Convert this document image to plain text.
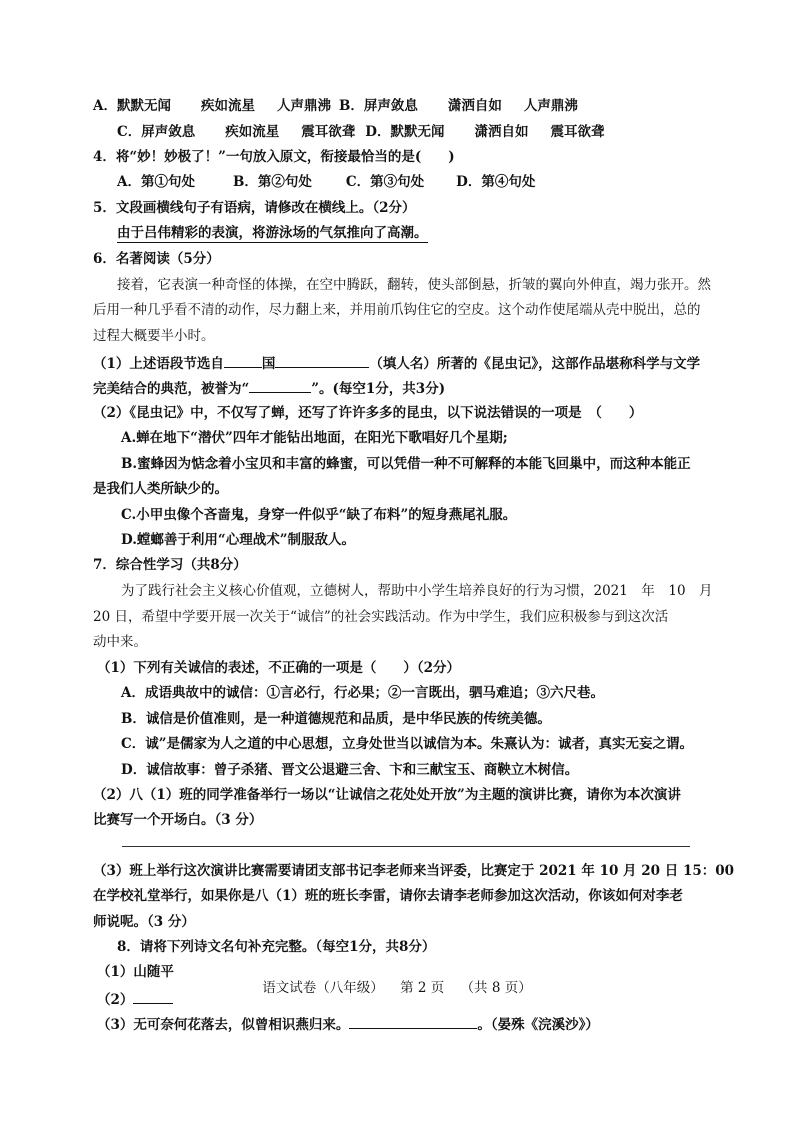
A．默默无闻 疾如流星 人声鼎沸 B．屏声敛息 潇洒自如 人声鼎沸
C．屏声敛息 疾如流星 震耳欲聋 D．默默无闻 潇洒自如 震耳欲聋
4．将“妙！妙极了！”一句放入原文，衔接最恰当的是(　　)
A．第①句处	B．第②句处	C．第③句处 D．第④句处
5．文段画横线句子有语病，请修改在横线上。（2分）
由于吕伟精彩的表演，将游泳场的气氛推向了高潮。
6．名著阅读（5分）
接着，它表演一种奇怪的体操，在空中腾跃，翻转，使头部倒悬，折皱的翼向外伸直，竭力张开。然
后用一种几乎看不清的动作，尽力翻上来，并用前爪钩住它的空皮。这个动作使尾端从壳中脱出，总的
过程大概要半小时。
（1）上述语段节选自	国	（填人名）所著的《昆虫记》，这部作品堪称科学与文学
完美结合的典范，被誉为“	”。(每空1分，共3分)
（2）《昆虫记》中，不仅写了蝉，还写了许许多多的昆虫，以下说法错误的一项是　（　　）
A.蝉在地下“潜伏”四年才能钻出地面，在阳光下歌唱好几个星期;
B.蜜蜂因为惦念着小宝贝和丰富的蜂蜜，可以凭借一种不可解释的本能飞回巢中，而这种本能正
是我们人类所缺少的。
C.小甲虫像个吝啬鬼，身穿一件似乎“缺了布料”的短身燕尾礼服。
D.螳螂善于利用“心理战术”制服敌人。
7．综合性学习（共8分）
为了践行社会主义核心价值观，立德树人，帮助中小学生培养良好的行为习惯，2021　年　10　月
20 日，希望中学要开展一次关于“诚信”的社会实践活动。作为中学生，我们应积极参与到这次活
动中来。
（1）下列有关诚信的表述，不正确的一项是（　　）（2分）
A．成语典故中的诚信：①言必行，行必果；②一言既出，驷马难追；③六尺巷。
B．诚信是价值准则，是一种道德规范和品质，是中华民族的传统美德。
C．诚”是儒家为人之道的中心思想，立身处世当以诚信为本。朱熹认为：诚者，真实无妄之谓。
D．诚信故事：曾子杀猪、晋文公退避三舍、卞和三献宝玉、商鞅立木树信。
（2）八（1）班的同学准备举行一场以“让诚信之花处处开放”为主题的演讲比赛，请你为本次演讲
比赛写一个开场白。（3 分）
（3）班上举行这次演讲比赛需要请团支部书记李老师来当评委，比赛定于 2021 年 10 月 20 日 15：00
在学校礼堂举行，如果你是八（1）班的班长李雷，请你去请李老师参加这次活动，你该如何对李老
师说呢。（3 分）
8．请将下列诗文名句补充完整。（每空1分，共8分）
（1）山随平
（2）
（3）无可奈何花落去，似曾相识燕归来。	。（晏殊《浣溪沙》）
语文试卷（八年级） 第 2 页 （共 8 页）
